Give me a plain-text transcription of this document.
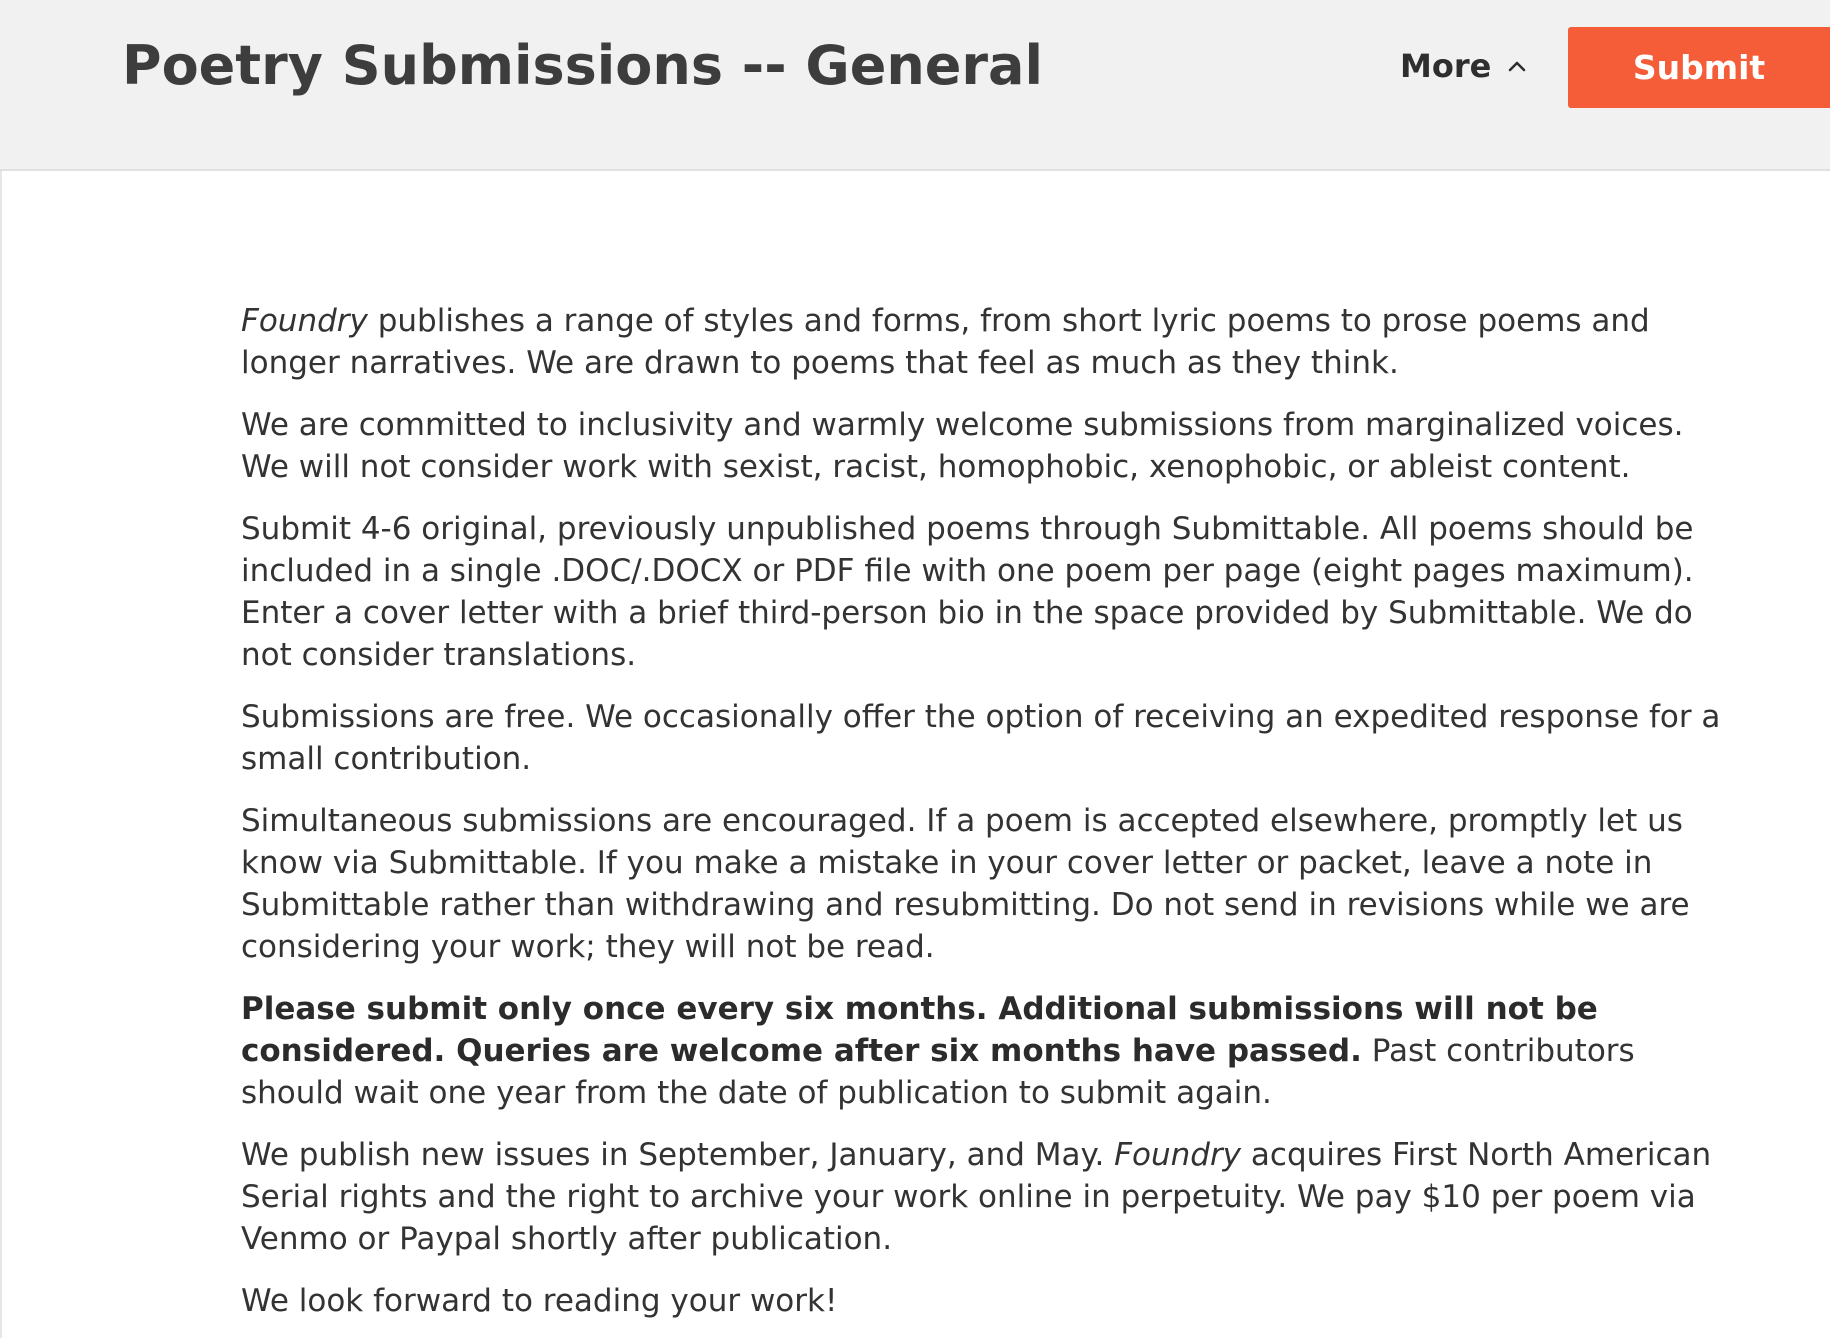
Poetry Submissions -- General	More	Submit

Foundry publishes a range of styles and forms, from short lyric poems to prose poems and longer narratives. We are drawn to poems that feel as much as they think.

We are committed to inclusivity and warmly welcome submissions from marginalized voices. We will not consider work with sexist, racist, homophobic, xenophobic, or ableist content.

Submit 4-6 original, previously unpublished poems through Submittable. All poems should be included in a single .DOC/.DOCX or PDF file with one poem per page (eight pages maximum). Enter a cover letter with a brief third-person bio in the space provided by Submittable. We do not consider translations.

Submissions are free. We occasionally offer the option of receiving an expedited response for a small contribution.

Simultaneous submissions are encouraged. If a poem is accepted elsewhere, promptly let us know via Submittable. If you make a mistake in your cover letter or packet, leave a note in Submittable rather than withdrawing and resubmitting. Do not send in revisions while we are considering your work; they will not be read.

Please submit only once every six months. Additional submissions will not be considered. Queries are welcome after six months have passed. Past contributors should wait one year from the date of publication to submit again.

We publish new issues in September, January, and May. Foundry acquires First North American Serial rights and the right to archive your work online in perpetuity. We pay $10 per poem via Venmo or Paypal shortly after publication.

We look forward to reading your work!
